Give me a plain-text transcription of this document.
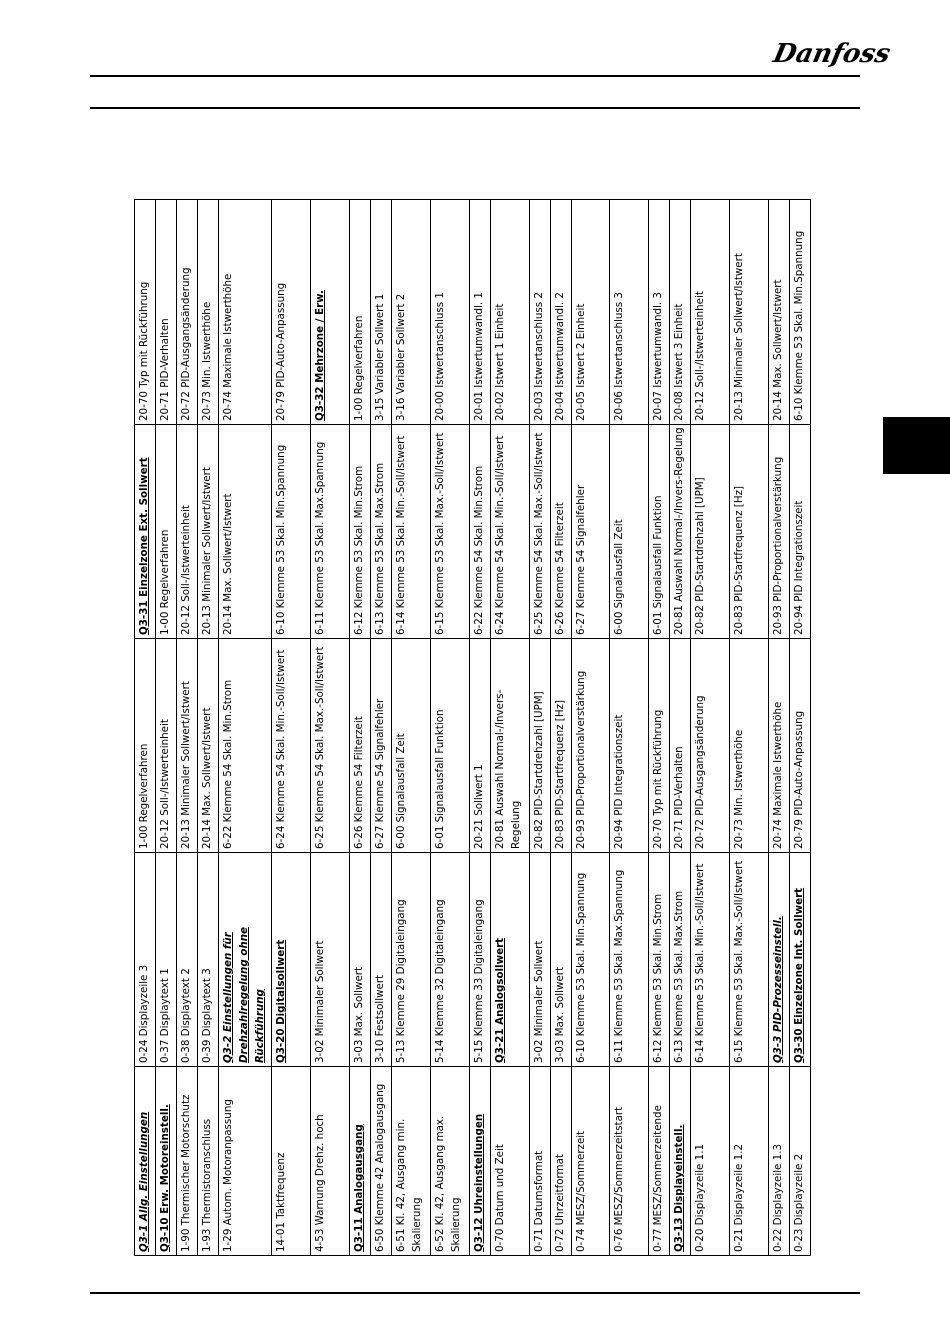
Danfoss
Q3-1 Allg. Einstellungen	0-24 Displayzeile 3	1-00 Regelverfahren	Q3-31 Einzelzone Ext. Sollwert	20-70 Typ mit Rückführung
Q3-10 Erw. Motoreinstell.	0-37 Displaytext 1	20-12 Soll-/Istwerteinheit	1-00 Regelverfahren	20-71 PID-Verhalten
1-90 Thermischer Motorschutz	0-38 Displaytext 2	20-13 Minimaler Sollwert/Istwert	20-12 Soll-/Istwerteinheit	20-72 PID-Ausgangsänderung
1-93 Thermistoranschluss	0-39 Displaytext 3	20-14 Max. Sollwert/Istwert	20-13 Minimaler Sollwert/Istwert	20-73 Min. Istwerthöhe
1-29 Autom. Motoranpassung	Q3-2 Einstellungen für Drehzahlregelung ohne Rückführung	6-22 Klemme 54 Skal. Min.Strom	20-14 Max. Sollwert/Istwert	20-74 Maximale Istwerthöhe
14-01 Taktfrequenz	Q3-20 Digitalsollwert	6-24 Klemme 54 Skal. Min.-Soll/Istwert	6-10 Klemme 53 Skal. Min.Spannung	20-79 PID-Auto-Anpassung
4-53 Warnung Drehz. hoch	3-02 Minimaler Sollwert	6-25 Klemme 54 Skal. Max.-Soll/Istwert	6-11 Klemme 53 Skal. Max.Spannung	Q3-32 Mehrzone / Erw.
Q3-11 Analogausgang	3-03 Max. Sollwert	6-26 Klemme 54 Filterzeit	6-12 Klemme 53 Skal. Min.Strom	1-00 Regelverfahren
6-50 Klemme 42 Analogausgang	3-10 Festsollwert	6-27 Klemme 54 Signalfehler	6-13 Klemme 53 Skal. Max.Strom	3-15 Variabler Sollwert 1
6-51 Kl. 42, Ausgang min. Skalierung	5-13 Klemme 29 Digitaleingang	6-00 Signalausfall Zeit	6-14 Klemme 53 Skal. Min.-Soll/Istwert	3-16 Variabler Sollwert 2
6-52 Kl. 42, Ausgang max. Skalierung	5-14 Klemme 32 Digitaleingang	6-01 Signalausfall Funktion	6-15 Klemme 53 Skal. Max.-Soll/Istwert	20-00 Istwertanschluss 1
Q3-12 Uhreinstellungen	5-15 Klemme 33 Digitaleingang	20-21 Sollwert 1	6-22 Klemme 54 Skal. Min.Strom	20-01 Istwertumwandl. 1
0-70 Datum und Zeit	Q3-21 Analogsollwert	20-81 Auswahl Normal-/Invers-Regelung	6-24 Klemme 54 Skal. Min.-Soll/Istwert	20-02 Istwert 1 Einheit
0-71 Datumsformat	3-02 Minimaler Sollwert	20-82 PID-Startdrehzahl [UPM]	6-25 Klemme 54 Skal. Max.-Soll/Istwert	20-03 Istwertanschluss 2
0-72 Uhrzeitformat	3-03 Max. Sollwert	20-83 PID-Startfrequenz [Hz]	6-26 Klemme 54 Filterzeit	20-04 Istwertumwandl. 2
0-74 MESZ/Sommerzeit	6-10 Klemme 53 Skal. Min.Spannung	20-93 PID-Proportionalverstärkung	6-27 Klemme 54 Signalfehler	20-05 Istwert 2 Einheit
0-76 MESZ/Sommerzeitstart	6-11 Klemme 53 Skal. Max.Spannung	20-94 PID Integrationszeit	6-00 Signalausfall Zeit	20-06 Istwertanschluss 3
0-77 MESZ/Sommerzeitende	6-12 Klemme 53 Skal. Min.Strom	20-70 Typ mit Rückführung	6-01 Signalausfall Funktion	20-07 Istwertumwandl. 3
Q3-13 Displayeinstell.	6-13 Klemme 53 Skal. Max.Strom	20-71 PID-Verhalten	20-81 Auswahl Normal-/Invers-Regelung	20-08 Istwert 3 Einheit
0-20 Displayzeile 1.1	6-14 Klemme 53 Skal. Min.-Soll/Istwert	20-72 PID-Ausgangsänderung	20-82 PID-Startdrehzahl [UPM]	20-12 Soll-/Istwerteinheit
0-21 Displayzeile 1.2	6-15 Klemme 53 Skal. Max.-Soll/Istwert	20-73 Min. Istwerthöhe	20-83 PID-Startfrequenz [Hz]	20-13 Minimaler Sollwert/Istwert
0-22 Displayzeile 1.3	Q3-3 PID-Prozesseinstell.	20-74 Maximale Istwerthöhe	20-93 PID-Proportionalverstärkung	20-14 Max. Sollwert/Istwert
0-23 Displayzeile 2	Q3-30 Einzelzone Int. Sollwert	20-79 PID-Auto-Anpassung	20-94 PID Integrationszeit	6-10 Klemme 53 Skal. Min.Spannung
